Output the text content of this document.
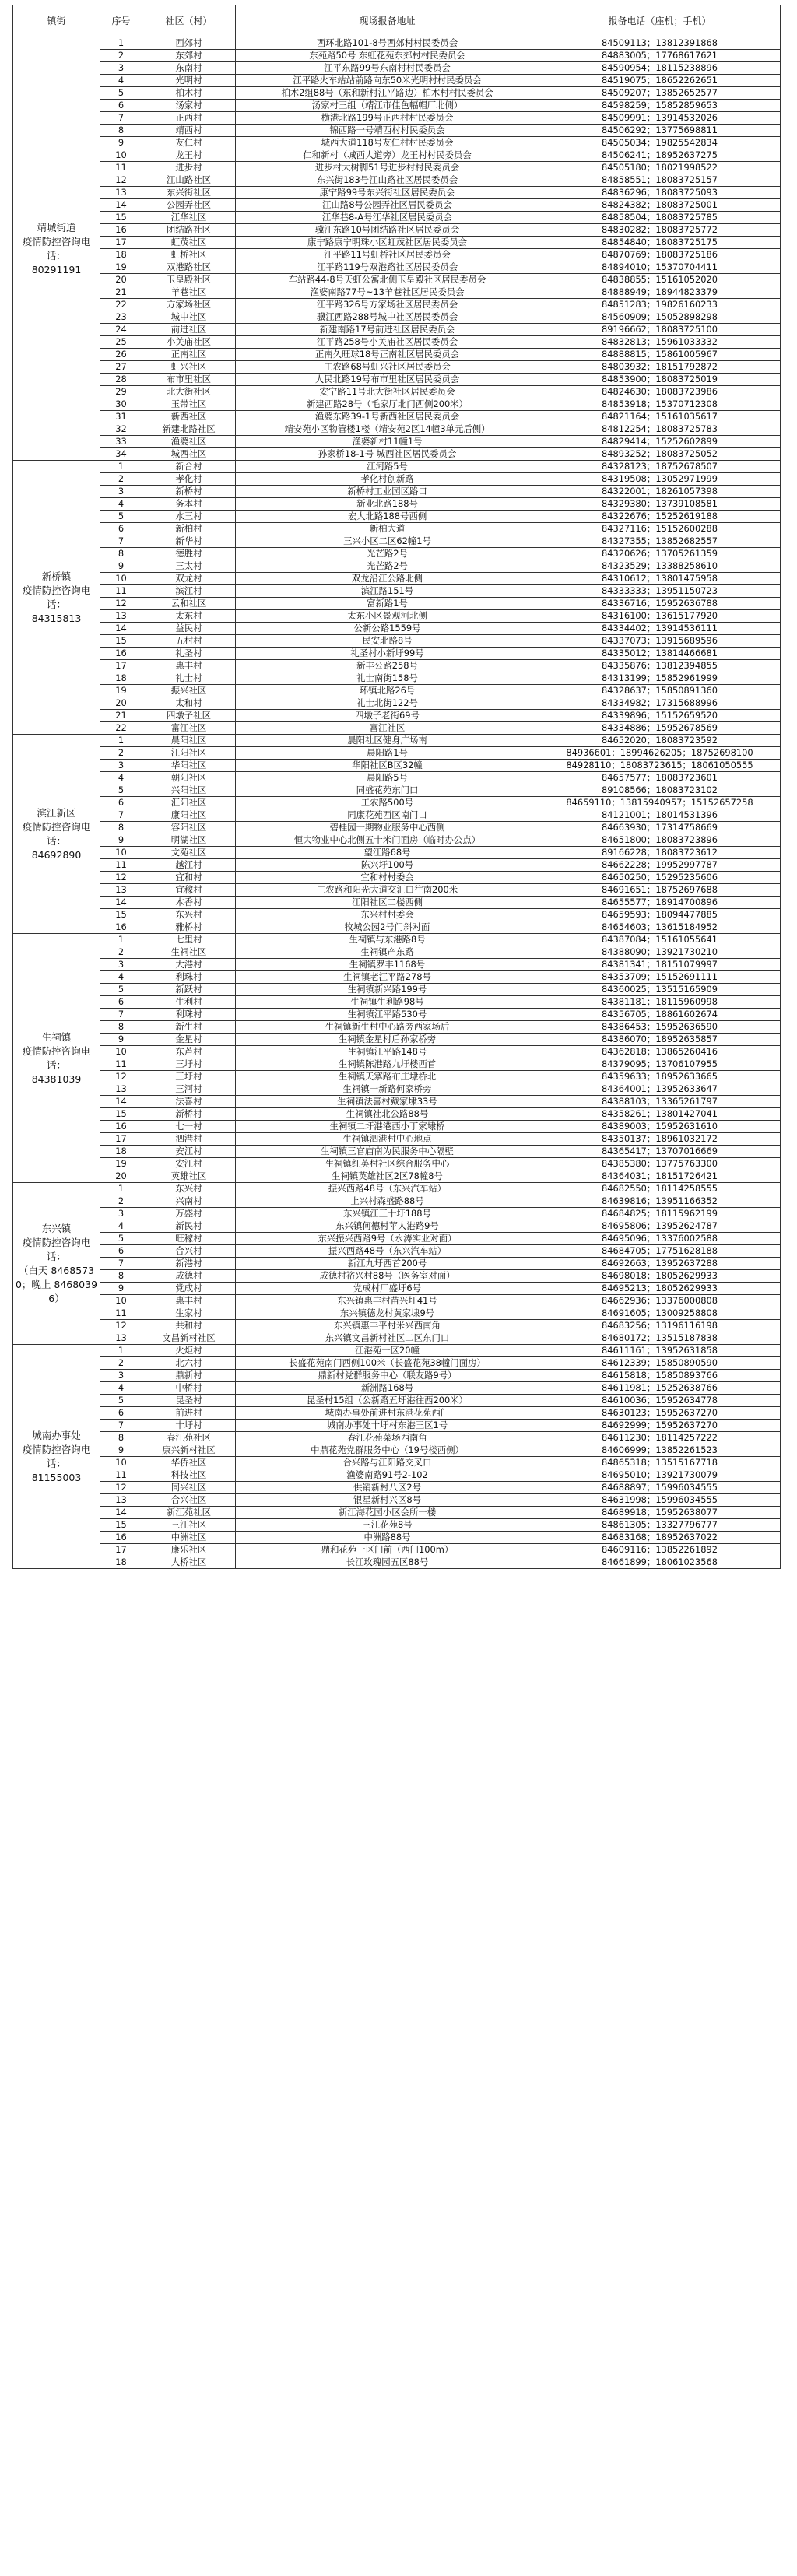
镇街	序号	社区（村）	现场报备地址	报备电话（座机；手机）
靖城街道
疫情防控咨询电话：
80291191	1	西郊村	西环北路101-8号西郊村村民委员会	84509113；13812391868
	2	东郊村	东苑路50号 东虹花苑东郊村村民委员会	84883005；17768617621
	3	东南村	江平东路99号东南村村民委员会	84590954；18115238896
	4	光明村	江平路火车站站前路向东50米光明村村民委员会	84519075；18652262651
	5	柏木村	柏木2组88号（东和新村江平路边）柏木村村民委员会	84509207；13852652577
	6	汤家村	汤家村三组（靖江市佳色幅帽厂北侧）	84598259；15852859653
	7	正西村	横港北路199号正西村村民委员会	84509991；13914532026
	8	靖西村	锦西路一号靖西村村民委员会	84506292；13775698811
	9	友仁村	城西大道118号友仁村村民委员会	84505034；19825542834
	10	龙王村	仁和新村（城西大道旁）龙王村村民委员会	84506241；18952637275
	11	进步村	进步村大树脚51号进步村村民委员会	84505180；18021998522
	12	江山路社区	东兴街183号江山路社区居民委员会	84858551；18083725157
	13	东兴街社区	康宁路99号东兴街社区居民委员会	84836296；18083725093
	14	公园弄社区	江山路8号公园弄社区居民委员会	84824382；18083725001
	15	江华社区	江华巷8-A号江华社区居民委员会	84858504；18083725785
	16	团结路社区	骥江东路10号团结路社区居民委员会	84830282；18083725772
	17	虹茂社区	康宁路康宁明珠小区虹茂社区居民委员会	84854840；18083725175
	18	虹桥社区	江平路11号虹桥社区居民委员会	84870769；18083725186
	19	双港路社区	江平路119号双港路社区居民委员会	84894010；15370704411
	20	玉皇殿社区	车站路44-8号天虹公寓北侧玉皇殿社区居民委员会	84838855；15161052020
	21	羊巷社区	渔婆南路77号~13羊巷社区居民委员会	84888949；18944823379
	22	方家场社区	江平路326号方家场社区居民委员会	84851283；19826160233
	23	城中社区	骥江西路288号城中社区居民委员会	84560909；15052898298
	24	前进社区	新建南路17号前进社区居民委员会	89196662；18083725100
	25	小关庙社区	江平路258号小关庙社区居民委员会	84832813；15961033332
	26	正南社区	正南久旺球18号正南社区居民委员会	84888815；15861005967
	27	虹兴社区	工农路68号虹兴社区居民委员会	84803932；18151792872
	28	布市里社区	人民北路19号布市里社区居民委员会	84853900；18083725019
	29	北大街社区	安宁路11号北大街社区居民委员会	84824630；18083723986
	30	玉带社区	新建西路28号（毛家厅北门西侧200米）	84853918；15370712308
	31	新西社区	渔婆东路39-1号新西社区居民委员会	84821164；15161035617
	32	新建北路社区	靖安苑小区物管楼1楼（靖安苑2区14幢3单元后侧）	84812254；18083725783
	33	渔婆社区	渔婆新村11幢1号	84829414；15252602899
	34	城西社区	孙家桥18-1号 城西社区居民委员会	84893252；18083725052
新桥镇
疫情防控咨询电话：
84315813	1	新合村	江河路5号	84328123；18752678507
	2	孝化村	孝化村创新路	84319508；13052971999
	3	新桥村	新桥村工业园区路口	84322001；18261057398
	4	务本村	新业北路188号	84329380；13739108581
	5	水三村	宏大北路188号西侧	84322676；15252619188
	6	新柏村	新柏大道	84327116；15152600288
	7	新华村	三兴小区二区62幢1号	84327355；13852682557
	8	德胜村	光芒路2号	84320626；13705261359
	9	三太村	光芒路2号	84323529；13388258610
	10	双龙村	双龙沿江公路北侧	84310612；13801475958
	11	滨江村	滨江路151号	84333333；13951150723
	12	云和社区	富新路1号	84336716；15952636788
	13	太东村	太东小区景观河北侧	84316100；13615177920
	14	益民村	公新公路1559号	84334402；13914536111
	15	五村村	民安北路8号	84337073；13915689596
	16	礼圣村	礼圣村小新圩99号	84335012；13814466681
	17	惠丰村	新丰公路258号	84335876；13812394855
	18	礼士村	礼士南街158号	84313199；15852961999
	19	振兴社区	环镇北路26号	84328637；15850891360
	20	太和村	礼士北街122号	84334982；17315688996
	21	四墩子社区	四墩子老街69号	84339896；15152659520
	22	富江社区	富江社区	84334886；15952678569
滨江新区
疫情防控咨询电话：
84692890	1	晨阳社区	晨阳社区健身广场南	84652020；18083723592
	2	江阳社区	晨阳路1号	84936601；18994626205；18752698100
	3	华阳社区	华阳社区B区32幢	84928110；18083723615；18061050555
	4	朝阳社区	晨阳路5号	84657577；18083723601
	5	兴阳社区	同盛花苑东门口	89108566；18083723102
	6	汇阳社区	工农路500号	84659110；13815940957；15152657258
	7	康阳社区	同康花苑西区南门口	84121001；18014531396
	8	容阳社区	碧桂园一期物业服务中心西侧	84663930；17314758669
	9	明湖社区	恒大物业中心北侧五十米门面房（临时办公点）	84651800；18083723896
	10	文苑社区	望江路68号	89166228；18083723612
	11	越江村	陈兴圩100号	84662228；19952997787
	12	宜和村	宜和村村委会	84650250；15295235606
	13	宜稼村	工农路和阳光大道交汇口往南200米	84691651；18752697688
	14	木香村	江阳社区二楼西侧	84655577；18914700896
	15	东兴村	东兴村村委会	84659593；18094477885
	16	雅桥村	牧城公园2号门斜对面	84654603；13615184952
生祠镇
疫情防控咨询电话：
84381039	1	七里村	生祠镇与东港路8号	84387084；15161055641
	2	生祠社区	生祠镇产东路	84388090；13921730210
	3	大港村	生祠镇罗丰1168号	84381341；18151079997
	4	利珠村	生祠镇老江平路278号	84353709；15152691111
	5	新跃村	生祠镇新兴路199号	84360025；13515165909
	6	生利村	生祠镇生利路98号	84381181；18115960998
	7	利珠村	生祠镇江平路530号	84356705；18861602674
	8	新生村	生祠镇新生村中心路旁西家场后	84386453；15952636590
	9	金星村	生祠镇金星村后孙家桥旁	84386070；18952635857
	10	东芦村	生祠镇江平路148号	84362818；13865260416
	11	三圩村	生祠镇陈港路九圩楼西首	84379095；13706107955
	12	三圩村	生祠镇天寨路布庄埭桥北	84359633；18952633665
	13	三河村	生祠镇一新路何家桥旁	84364001；13952633647
	14	法喜村	生祠镇法喜村戴家埭33号	84388103；13365261797
	15	新桥村	生祠镇社北公路88号	84358261；13801427041
	16	七一村	生祠镇二圩港港西小丁家埭桥	84389003；15952631610
	17	泗港村	生祠镇泗港村中心地点	84350137；18961032172
	18	安江村	生祠镇三官庙南为民服务中心隔壁	84365417；13707016669
	19	安江村	生祠镇红英村社区综合服务中心	84385380；13775763300
	20	英雄社区	生祠镇英雄社区2区78幢8号	84364031；18151726421
东兴镇
疫情防控咨询电话：
（白天 84685730；晚上 84680396）	1	东兴村	振兴西路48号（东兴汽车站）	84682550；18114258555
	2	兴南村	上兴村森盛路88号	84639816；13951166352
	3	万盛村	东兴镇江三十圩188号	84684825；18115962199
	4	新民村	东兴镇何德村苹人港路9号	84695806；13952624787
	5	旺稼村	东兴振兴西路9号（永涛实业对面）	84695096；13376002588
	6	合兴村	振兴西路48号（东兴汽车站）	84684705；17751628188
	7	新港村	新江九圩西首200号	84692663；13952637288
	8	成德村	成德村裕兴村88号（医务室对面）	84698018；18052629933
	9	党成村	党成村厂盛圩6号	84695213；18052629933
	10	惠丰村	东兴镇惠丰村苗兴圩41号	84662936；13376000808
	11	生家村	东兴镇德龙村黄家埭9号	84691605；13009258808
	12	共和村	东兴镇惠丰平村米兴西南角	84683256；13196116198
	13	文昌新村社区	东兴镇文昌新村社区二区东门口	84680172；13515187838
城南办事处
疫情防控咨询电话：
81155003	1	火炬村	江港苑一区20幢	84611161；13952631858
	2	北六村	长盛花苑南门西侧100米（长盛花苑38幢门面房）	84612339；15850890590
	3	鼎新村	鼎新村党群服务中心（联友路9号）	84615818；15850893766
	4	中桥村	新洲路168号	84611981；15252638766
	5	昆圣村	昆圣村15组（公新路五圩港往西200米）	84610036；15952634778
	6	前进村	城南办事处前进村东港花苑西门	84630123；15952637270
	7	十圩村	城南办事处十圩村东港三区1号	84692999；15952637270
	8	春江苑社区	春江花苑菜场西南角	84611230；18114257222
	9	康兴新村社区	中鼎花苑党群服务中心（19号楼西侧）	84606999；13852261523
	10	华侨社区	合兴路与江阳路交叉口	84865318；13515167718
	11	科技社区	渔婆南路91号2-102	84695010；13921730079
	12	同兴社区	供销新村八区2号	84688897；15996034555
	13	合兴社区	银星新村兴区8号	84631998；15996034555
	14	新江苑社区	新江海花园小区会所一楼	84689918；15952638077
	15	三江社区	三江花苑8号	84861305；13327796777
	16	中洲社区	中洲路88号	84683168；18952637022
	17	康乐社区	鼎和花苑一区门前（西门100m）	84609116；13852261892
	18	大桥社区	长江玫瑰园五区88号	84661899；18061023568
